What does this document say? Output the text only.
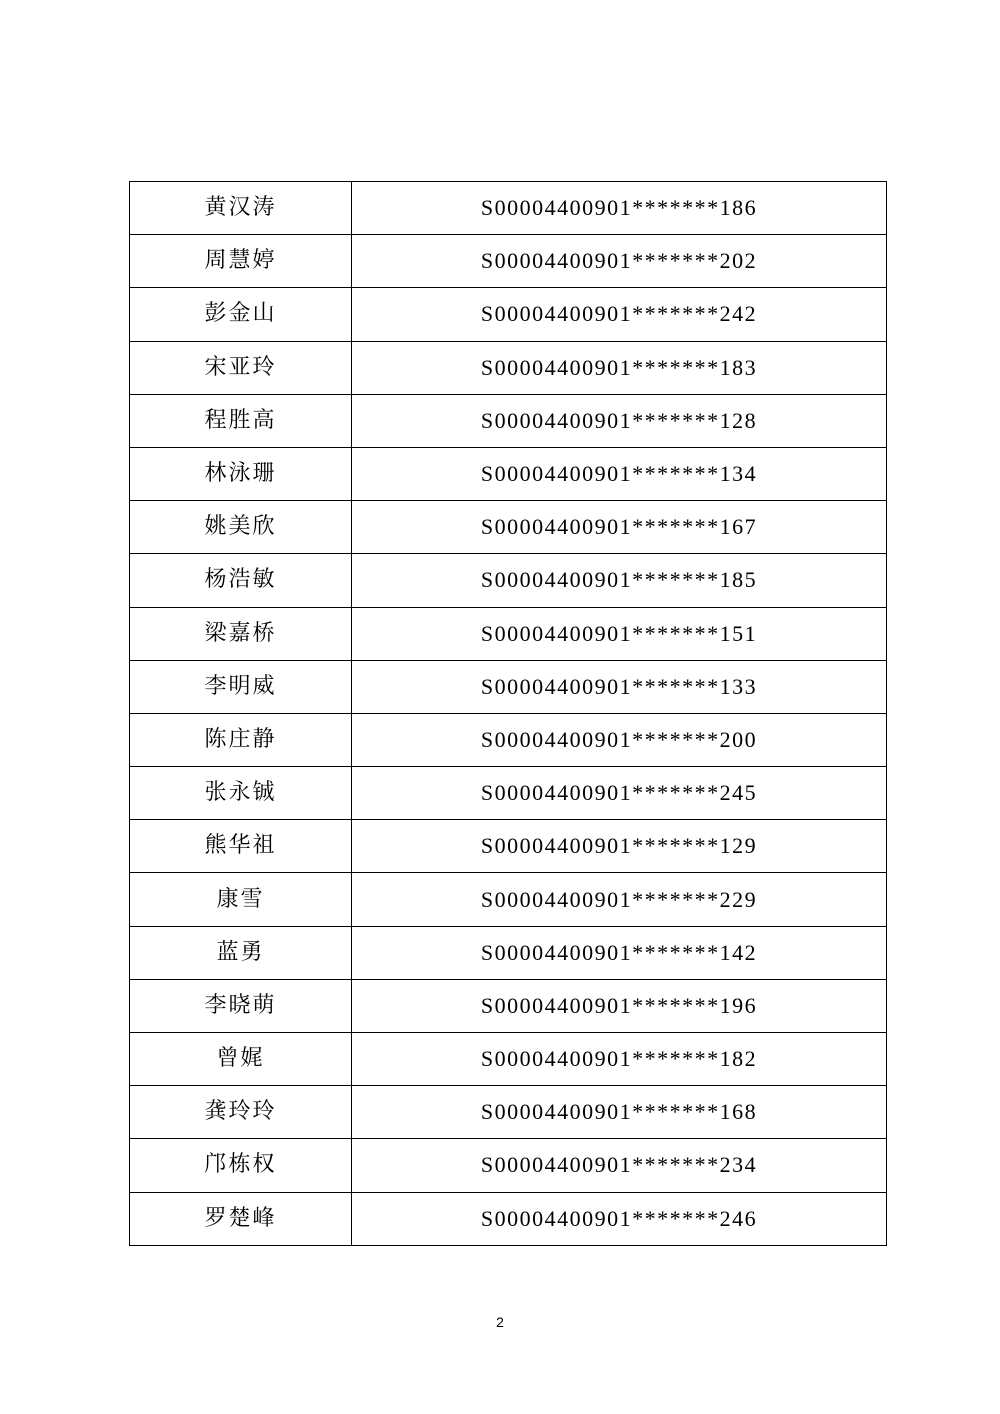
黄汉涛	S00004400901*******186
周慧婷	S00004400901*******202
彭金山	S00004400901*******242
宋亚玲	S00004400901*******183
程胜高	S00004400901*******128
林泳珊	S00004400901*******134
姚美欣	S00004400901*******167
杨浩敏	S00004400901*******185
梁嘉桥	S00004400901*******151
李明威	S00004400901*******133
陈庄静	S00004400901*******200
张永铖	S00004400901*******245
熊华祖	S00004400901*******129
康雪	S00004400901*******229
蓝勇	S00004400901*******142
李晓萌	S00004400901*******196
曾娓	S00004400901*******182
龚玲玲	S00004400901*******168
邝栋权	S00004400901*******234
罗楚峰	S00004400901*******246
2
